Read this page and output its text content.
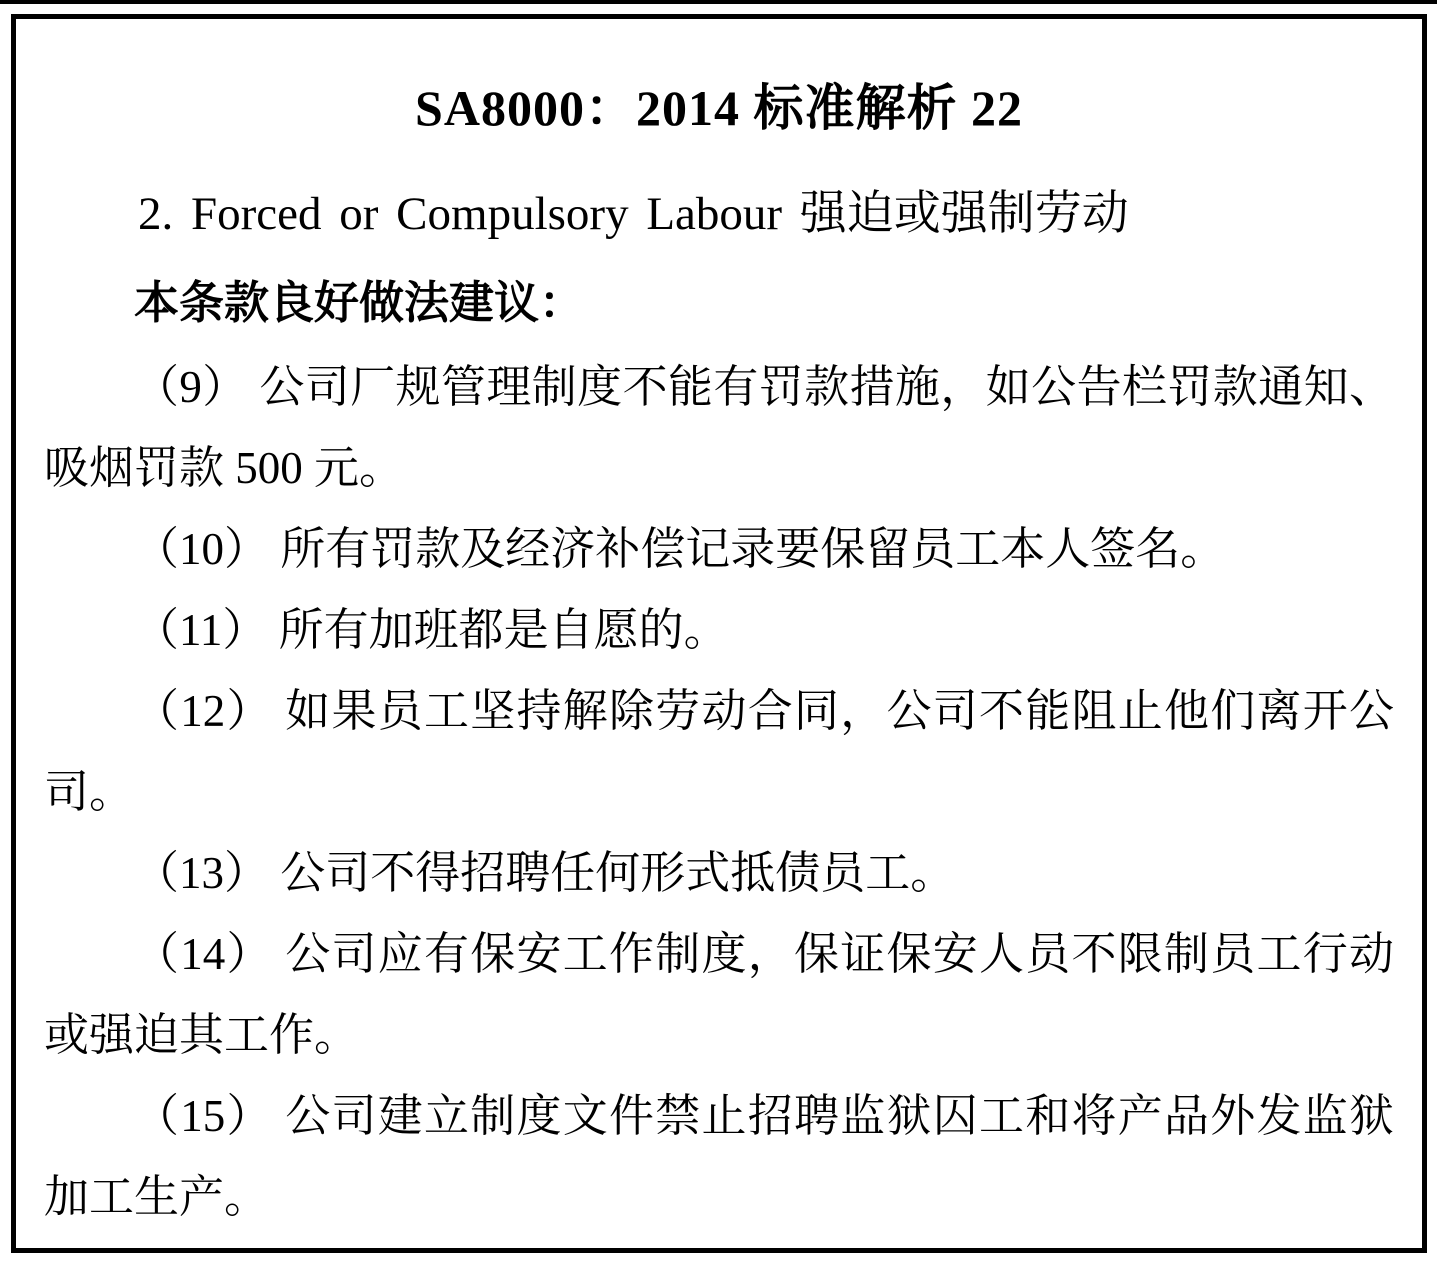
SA8000：2014 标准解析 22

2. Forced or Compulsory Labour 强迫或强制劳动

本条款良好做法建议：

（9） 公司厂规管理制度不能有罚款措施，如公告栏罚款通知、吸烟罚款 500 元。

（10） 所有罚款及经济补偿记录要保留员工本人签名。

（11） 所有加班都是自愿的。

（12） 如果员工坚持解除劳动合同，公司不能阻止他们离开公司。

（13） 公司不得招聘任何形式抵债员工。

（14） 公司应有保安工作制度，保证保安人员不限制员工行动或强迫其工作。

（15） 公司建立制度文件禁止招聘监狱囚工和将产品外发监狱加工生产。
